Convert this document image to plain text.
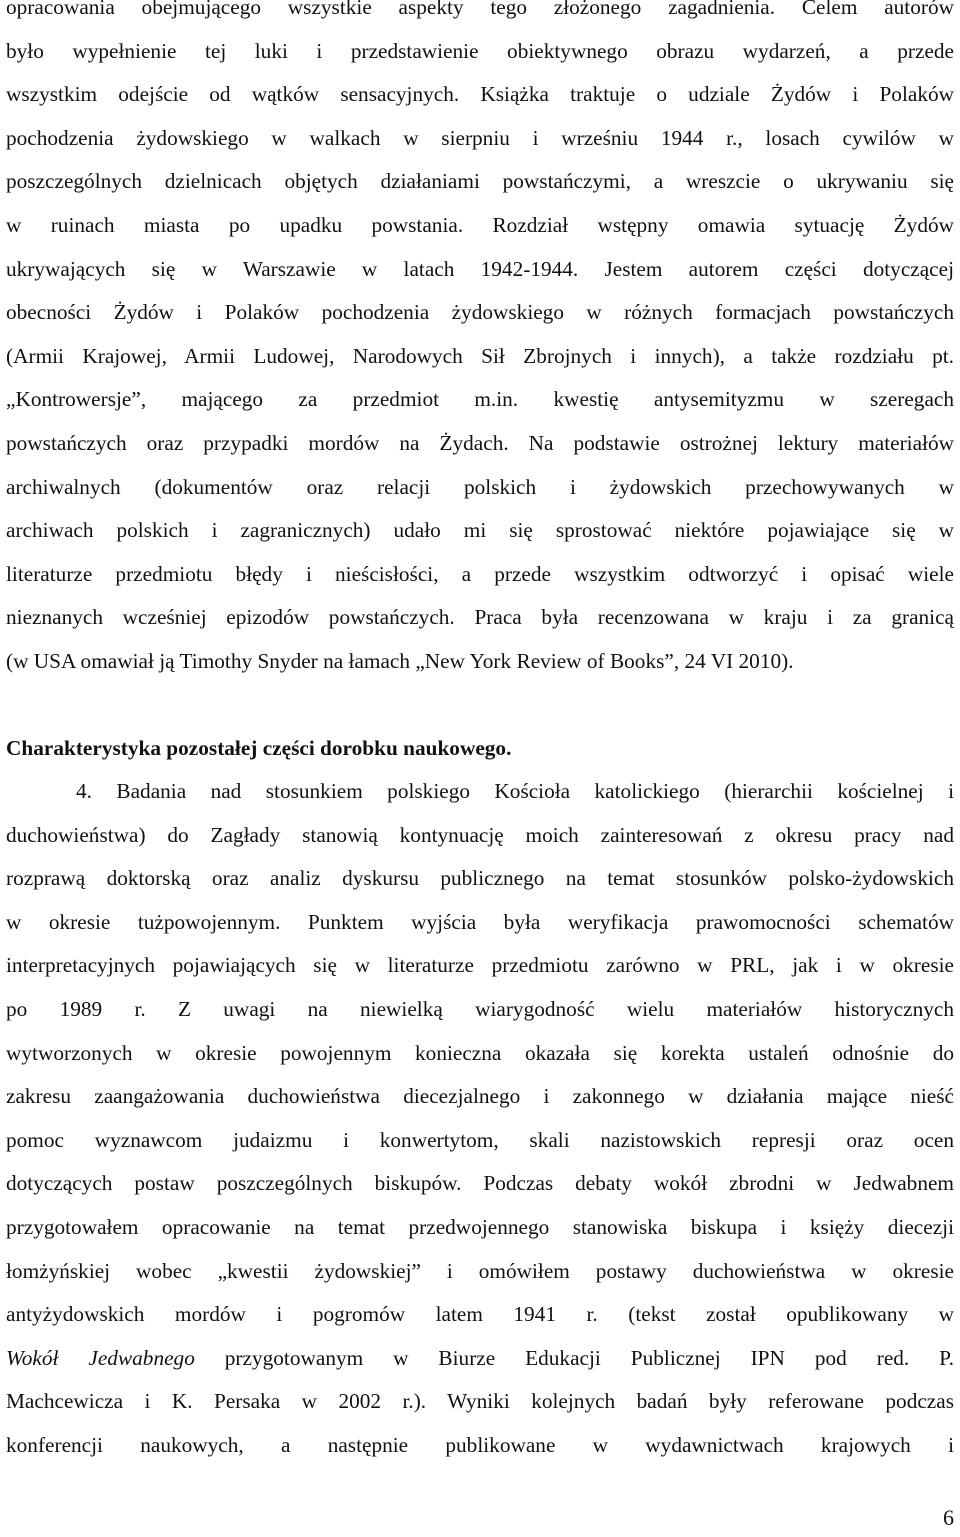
opracowania obejmującego wszystkie aspekty tego złożonego zagadnienia. Celem autorów
było wypełnienie tej luki i przedstawienie obiektywnego obrazu wydarzeń, a przede
wszystkim odejście od wątków sensacyjnych. Książka traktuje o udziale Żydów i Polaków
pochodzenia żydowskiego w walkach w sierpniu i wrześniu 1944 r., losach cywilów w
poszczególnych dzielnicach objętych działaniami powstańczymi, a wreszcie o ukrywaniu się
w ruinach miasta po upadku powstania. Rozdział wstępny omawia sytuację Żydów
ukrywających się w Warszawie w latach 1942-1944. Jestem autorem części dotyczącej
obecności Żydów i Polaków pochodzenia żydowskiego w różnych formacjach powstańczych
(Armii Krajowej, Armii Ludowej, Narodowych Sił Zbrojnych i innych), a także rozdziału pt.
„Kontrowersje”, mającego za przedmiot m.in. kwestię antysemityzmu w szeregach
powstańczych oraz przypadki mordów na Żydach. Na podstawie ostrożnej lektury materiałów
archiwalnych (dokumentów oraz relacji polskich i żydowskich przechowywanych w
archiwach polskich i zagranicznych) udało mi się sprostować niektóre pojawiające się w
literaturze przedmiotu błędy i nieścisłości, a przede wszystkim odtworzyć i opisać wiele
nieznanych wcześniej epizodów powstańczych. Praca była recenzowana w kraju i za granicą
(w USA omawiał ją Timothy Snyder na łamach „New York Review of Books”, 24 VI 2010).
Charakterystyka pozostałej części dorobku naukowego.
4. Badania nad stosunkiem polskiego Kościoła katolickiego (hierarchii kościelnej i
duchowieństwa) do Zagłady stanowią kontynuację moich zainteresowań z okresu pracy nad
rozprawą doktorską oraz analiz dyskursu publicznego na temat stosunków polsko-żydowskich
w okresie tużpowojennym. Punktem wyjścia była weryfikacja prawomocności schematów
interpretacyjnych pojawiających się w literaturze przedmiotu zarówno w PRL, jak i w okresie
po 1989 r. Z uwagi na niewielką wiarygodność wielu materiałów historycznych
wytworzonych w okresie powojennym konieczna okazała się korekta ustaleń odnośnie do
zakresu zaangażowania duchowieństwa diecezjalnego i zakonnego w działania mające nieść
pomoc wyznawcom judaizmu i konwertytom, skali nazistowskich represji oraz ocen
dotyczących postaw poszczególnych biskupów. Podczas debaty wokół zbrodni w Jedwabnem
przygotowałem opracowanie na temat przedwojennego stanowiska biskupa i księży diecezji
łomżyńskiej wobec „kwestii żydowskiej” i omówiłem postawy duchowieństwa w okresie
antyżydowskich mordów i pogromów latem 1941 r. (tekst został opublikowany w
Wokół Jedwabnego przygotowanym w Biurze Edukacji Publicznej IPN pod red. P.
Machcewicza i K. Persaka w 2002 r.). Wyniki kolejnych badań były referowane podczas
konferencji naukowych, a następnie publikowane w wydawnictwach krajowych i
6
